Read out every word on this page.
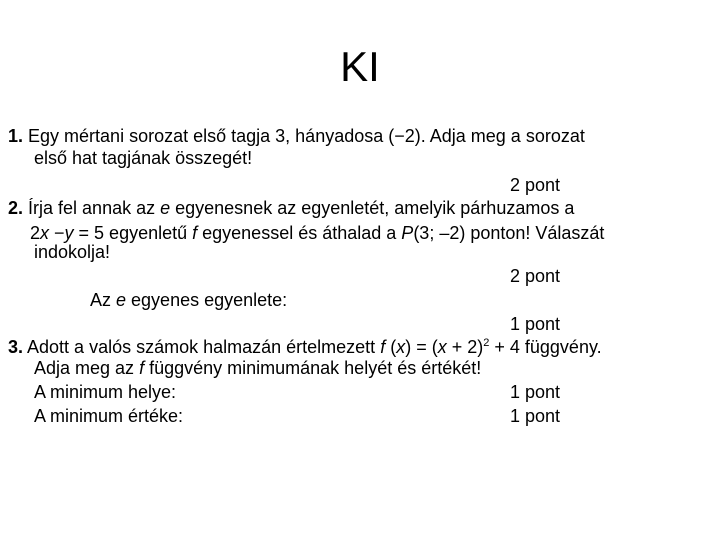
KI
1. Egy mértani sorozat első tagja 3, hányadosa (−2). Adja meg a sorozat
első hat tagjának összegét!
2 pont
2. Írja fel annak az e egyenesnek az egyenletét, amelyik párhuzamos a
2x −y = 5 egyenletű f egyenessel és áthalad a P(3; –2) ponton! Válaszát
indokolja!
2 pont
Az e egyenes egyenlete:
1 pont
3. Adott a valós számok halmazán értelmezett f $(x) = (x + 2)^2 + 4$ függvény.
Adja meg az f függvény minimumának helyét és értékét!
A minimum helye:	1 pont
A minimum értéke:	1 pont
